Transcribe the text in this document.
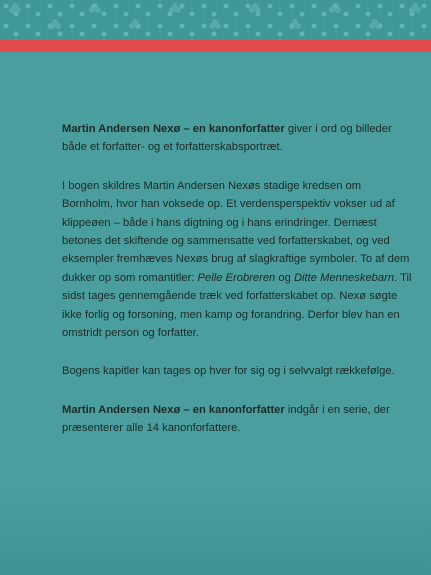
Martin Andersen Nexø – en kanonforfatter giver i ord og billeder både et forfatter- og et forfatterskabsportræt.

I bogen skildres Martin Andersen Nexøs stadige kredsen om Bornholm, hvor han voksede op. Et verdensperspektiv vokser ud af klippeøen – både i hans digtning og i hans erindringer. Dernæst betones det skiftende og sammensatte ved forfatterskabet, og ved eksempler fremhæves Nexøs brug af slagkraftige symboler. To af dem dukker op som romantitler: Pelle Erobreren og Ditte Menneskebarn. Til sidst tages gennemgående træk ved forfatterskabet op. Nexø søgte ikke forlig og forsoning, men kamp og forandring. Derfor blev han en omstridt person og forfatter.

Bogens kapitler kan tages op hver for sig og i selvvalgt rækkefølge.

Martin Andersen Nexø – en kanonforfatter indgår i en serie, der præsenterer alle 14 kanonforfattere.
